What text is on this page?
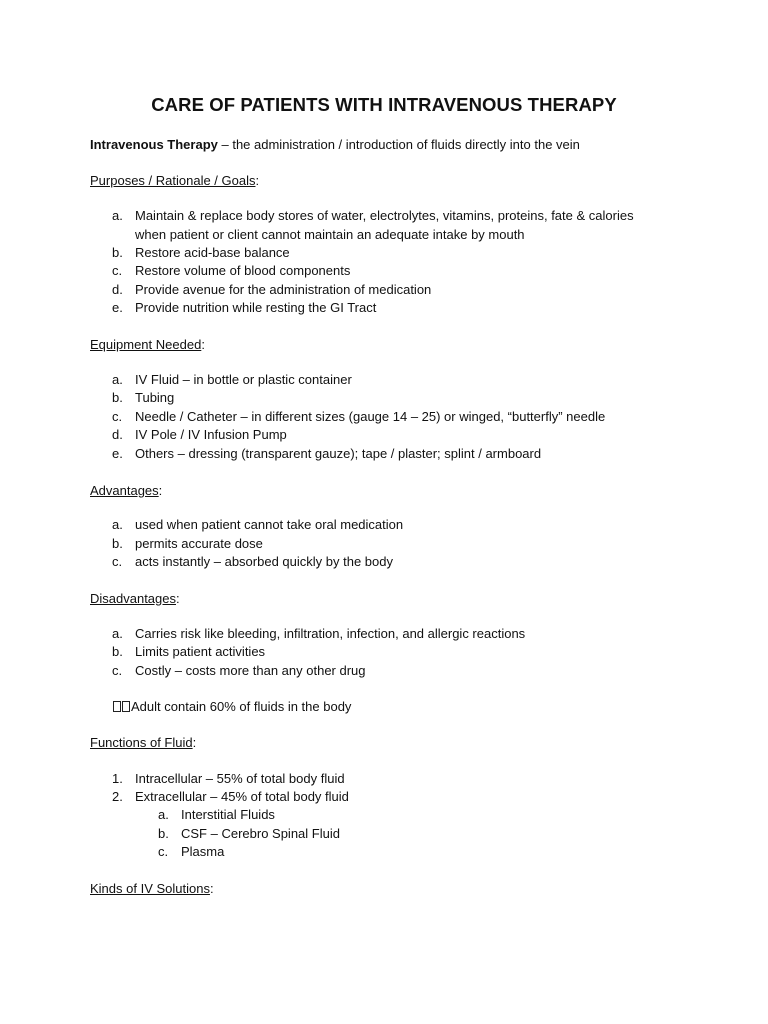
CARE OF PATIENTS WITH INTRAVENOUS THERAPY
Intravenous Therapy – the administration / introduction of fluids directly into the vein
Purposes / Rationale / Goals:
a. Maintain & replace body stores of water, electrolytes, vitamins, proteins, fate & calories
when patient or client cannot maintain an adequate intake by mouth
b. Restore acid-base balance
c. Restore volume of blood components
d. Provide avenue for the administration of medication
e. Provide nutrition while resting the GI Tract
Equipment Needed:
a. IV Fluid – in bottle or plastic container
b. Tubing
c. Needle / Catheter – in different sizes (gauge 14 – 25) or winged, “butterfly” needle
d. IV Pole / IV Infusion Pump
e. Others – dressing (transparent gauze); tape / plaster; splint / armboard
Advantages:
a. used when patient cannot take oral medication
b. permits accurate dose
c. acts instantly – absorbed quickly by the body
Disadvantages:
a. Carries risk like bleeding, infiltration, infection, and allergic reactions
b. Limits patient activities
c. Costly – costs more than any other drug
Adult contain 60% of fluids in the body
Functions of Fluid:
1. Intracellular – 55% of total body fluid
2. Extracellular – 45% of total body fluid
a. Interstitial Fluids
b. CSF – Cerebro Spinal Fluid
c. Plasma
Kinds of IV Solutions:
